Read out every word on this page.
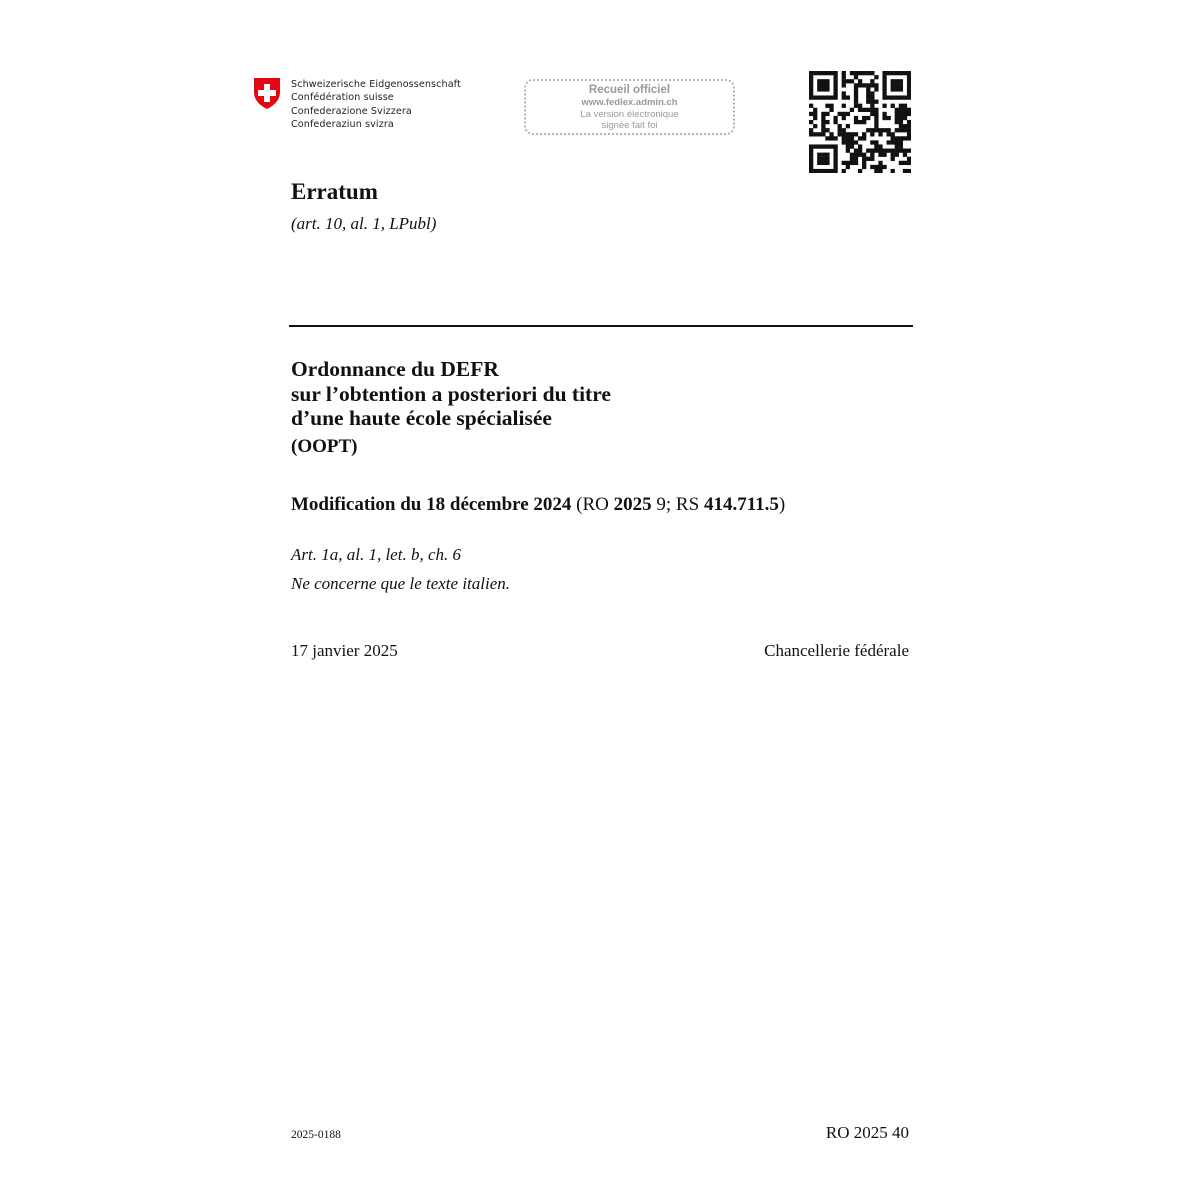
Schweizerische Eidgenossenschaft
Confédération suisse
Confederazione Svizzera
Confederaziun svizra
Recueil officiel
www.fedlex.admin.ch
La version électronique
signée fait foi
Erratum
(art. 10, al. 1, LPubl)
Ordonnance du DEFR
sur l’obtention a posteriori du titre
d’une haute école spécialisée
(OOPT)
Modification du 18 décembre 2024 (RO 2025 9; RS 414.711.5)
Art. 1a, al. 1, let. b, ch. 6
Ne concerne que le texte italien.
17 janvier 2025	Chancellerie fédérale
2025-0188	RO 2025 40
